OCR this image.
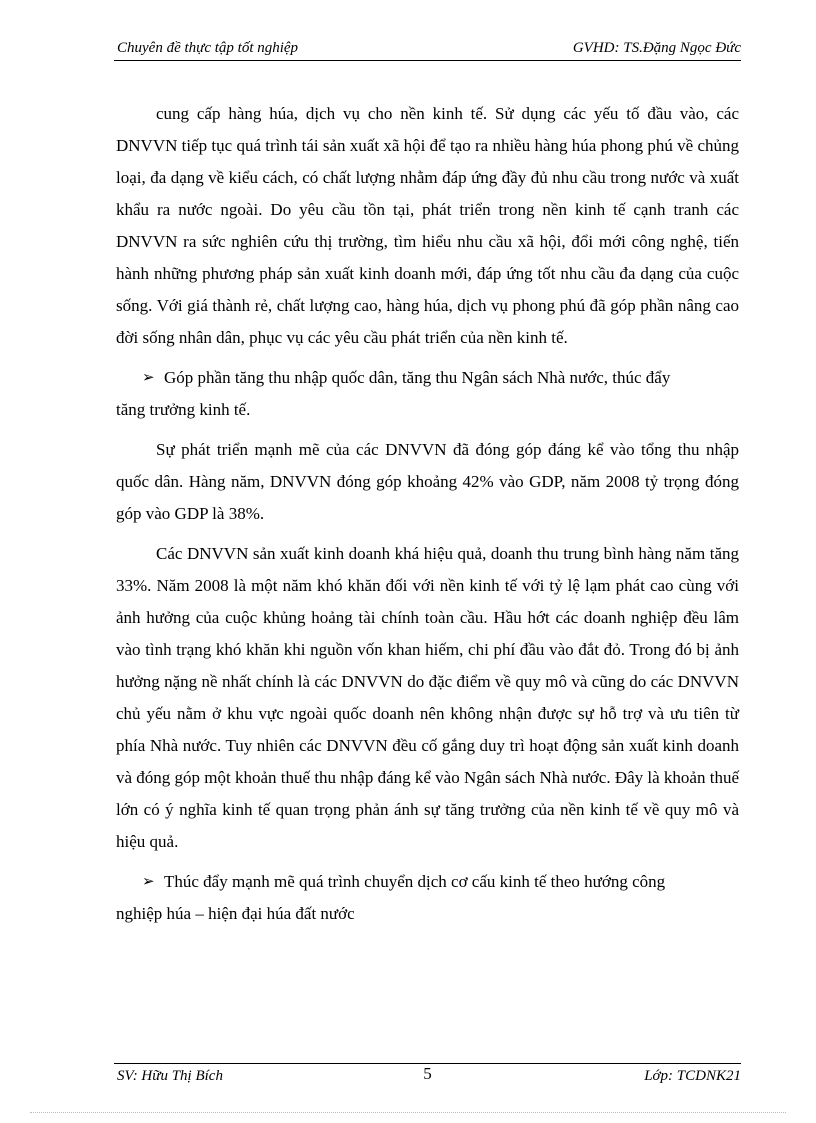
Chuyên đề thực tập tốt nghiệp	GVHD: TS.Đặng Ngọc Đức

cung cấp hàng húa, dịch vụ cho nền kinh tế. Sử dụng các yếu tố đầu vào, các DNVVN tiếp tục quá trình tái sản xuất xã hội để tạo ra nhiều hàng húa phong phú về chủng loại, đa dạng về kiểu cách, có chất lượng nhằm đáp ứng đầy đủ nhu cầu trong nước và xuất khẩu ra nước ngoài. Do yêu cầu tồn tại, phát triển trong nền kinh tế cạnh tranh các DNVVN ra sức nghiên cứu thị trường, tìm hiểu nhu cầu xã hội, đổi mới công nghệ, tiến hành những phương pháp sản xuất kinh doanh mới, đáp ứng tốt nhu cầu đa dạng của cuộc sống. Với giá thành rẻ, chất lượng cao, hàng húa, dịch vụ phong phú đã góp phần nâng cao đời sống nhân dân, phục vụ các yêu cầu phát triển của nền kinh tế.

➢ Góp phần tăng thu nhập quốc dân, tăng thu Ngân sách Nhà nước, thúc đẩy
tăng trưởng kinh tế.

Sự phát triển mạnh mẽ của các DNVVN đã đóng góp đáng kể vào tổng thu nhập quốc dân. Hàng năm, DNVVN đóng góp khoảng 42% vào GDP, năm 2008 tỷ trọng đóng góp vào GDP là 38%.

Các DNVVN sản xuất kinh doanh khá hiệu quả, doanh thu trung bình hàng năm tăng 33%. Năm 2008 là một năm khó khăn đối với nền kinh tế với tỷ lệ lạm phát cao cùng với ảnh hưởng của cuộc khủng hoảng tài chính toàn cầu. Hầu hớt các doanh nghiệp đều lâm vào tình trạng khó khăn khi nguồn vốn khan hiếm, chi phí đầu vào đắt đỏ. Trong đó bị ảnh hưởng nặng nề nhất chính là các DNVVN do đặc điểm về quy mô và cũng do các DNVVN chủ yếu nằm ở khu vực ngoài quốc doanh nên không nhận được sự hỗ trợ và ưu tiên từ phía Nhà nước. Tuy nhiên các DNVVN đều cố gắng duy trì hoạt động sản xuất kinh doanh và đóng góp một khoản thuế thu nhập đáng kể vào Ngân sách Nhà nước. Đây là khoản thuế lớn có ý nghĩa kinh tế quan trọng phản ánh sự tăng trưởng của nền kinh tế về quy mô và hiệu quả.

➢ Thúc đẩy mạnh mẽ quá trình chuyển dịch cơ cấu kinh tế theo hướng công
nghiệp húa – hiện đại húa đất nước
SV: Hữu Thị Bích	5	Lớp: TCDNK21
